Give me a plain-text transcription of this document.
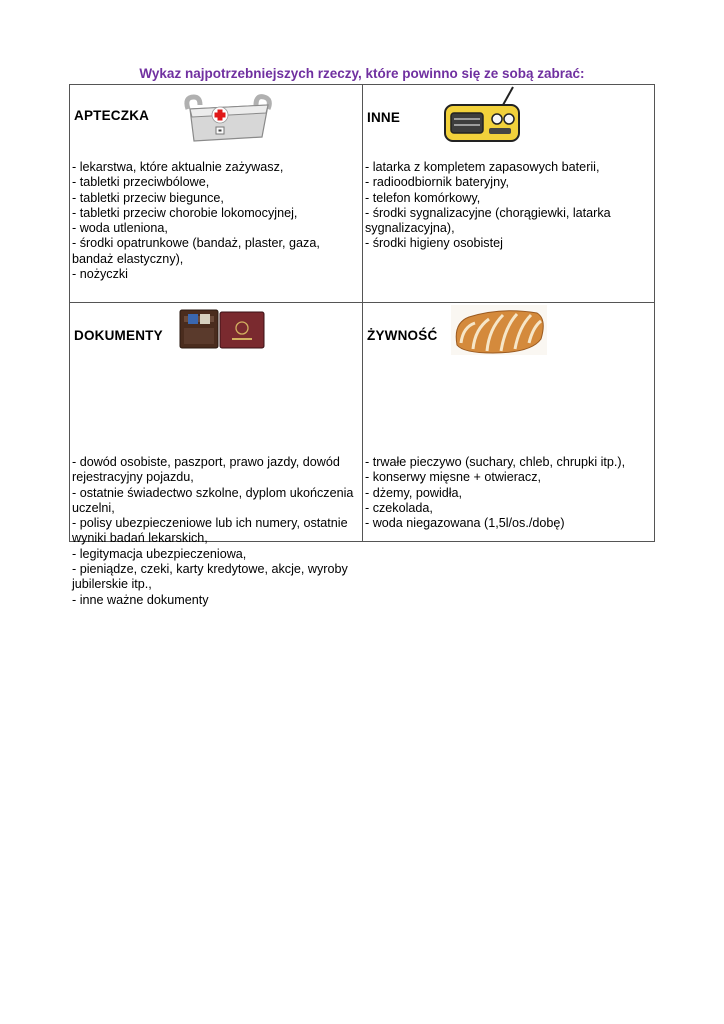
Wykaz najpotrzebniejszych rzeczy, które powinno się ze sobą zabrać:
APTECZKA
- lekarstwa, które aktualnie zażywasz,
- tabletki przeciwbólowe,
- tabletki przeciw biegunce,
- tabletki przeciw chorobie lokomocyjnej,
- woda utleniona,
- środki opatrunkowe (bandaż, plaster, gaza, bandaż elastyczny),
- nożyczki
INNE
- latarka z kompletem zapasowych baterii,
- radioodbiornik bateryjny,
- telefon komórkowy,
- środki sygnalizacyjne (chorągiewki, latarka sygnalizacyjna),
- środki higieny osobistej
DOKUMENTY
- dowód osobiste, paszport, prawo jazdy, dowód rejestracyjny pojazdu,
- ostatnie świadectwo szkolne, dyplom ukończenia uczelni,
- polisy ubezpieczeniowe lub ich numery, ostatnie wyniki badań lekarskich,
- legitymacja ubezpieczeniowa,
- pieniądze, czeki, karty kredytowe, akcje, wyroby jubilerskie itp.,
- inne ważne dokumenty
ŻYWNOŚĆ
- trwałe pieczywo (suchary, chleb, chrupki itp.),
- konserwy mięsne + otwieracz,
- dżemy, powidła,
- czekolada,
- woda niegazowana (1,5l/os./dobę)
